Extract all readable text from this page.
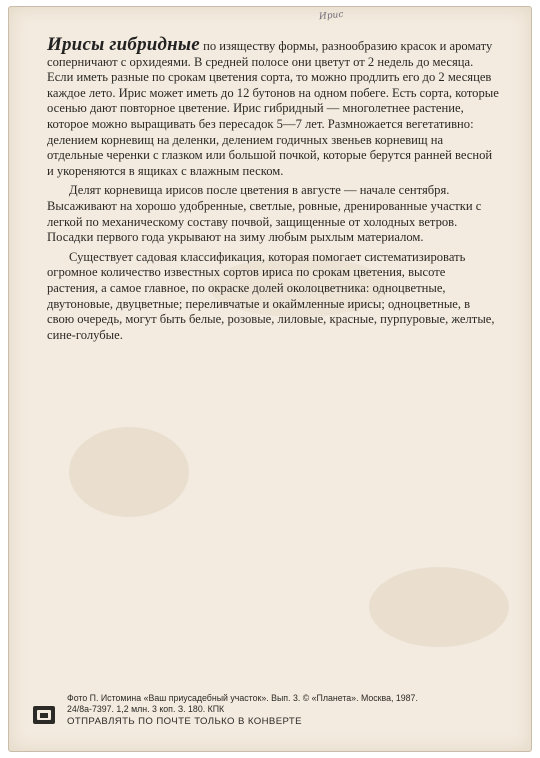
Ирис

Ирисы гибридные по изяществу формы, разнообразию красок и аромату соперничают с орхидеями. В средней полосе они цветут от 2 недель до месяца. Если иметь разные по срокам цветения сорта, то можно продлить его до 2 месяцев каждое лето. Ирис может иметь до 12 бутонов на одном побеге. Есть сорта, которые осенью дают повторное цветение. Ирис гибридный — многолетнее растение, которое можно выращивать без пересадок 5—7 лет. Размножается вегетативно: делением корневищ на деленки, делением годичных звеньев корневищ на отдельные черенки с глазком или большой почкой, которые берутся ранней весной и укореняются в ящиках с влажным песком.

Делят корневища ирисов после цветения в августе — начале сентября. Высаживают на хорошо удобренные, светлые, ровные, дренированные участки с легкой по механическому составу почвой, защищенные от холодных ветров. Посадки первого года укрывают на зиму любым рыхлым материалом.

Существует садовая классификация, которая помогает систематизировать огромное количество известных сортов ириса по срокам цветения, высоте растения, а самое главное, по окраске долей околоцветника: одноцветные, двутоновые, двуцветные; переливчатые и окаймленные ирисы; одноцветные, в свою очередь, могут быть белые, розовые, лиловые, красные, пурпуровые, желтые, сине-голубые.

Фото П. Истомина «Ваш приусадебный участок». Вып. 3. © «Планета». Москва, 1987.
24/8а-7397. 1,2 млн. 3 коп. З. 180. КПК
ОТПРАВЛЯТЬ ПО ПОЧТЕ ТОЛЬКО В КОНВЕРТЕ
